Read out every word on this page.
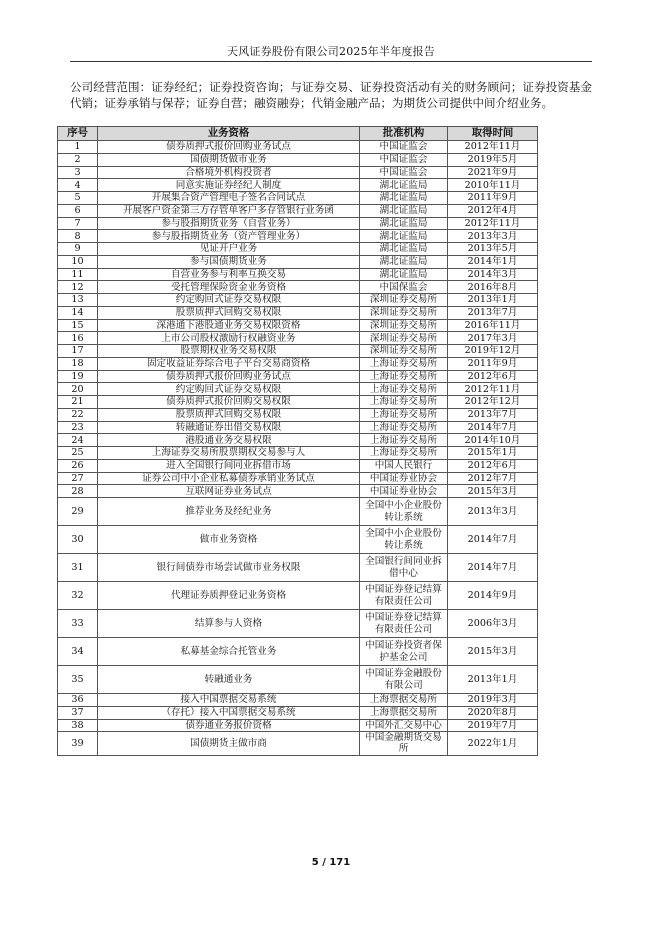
天风证券股份有限公司2025年半年度报告
公司经营范围：证券经纪；证券投资咨询；与证券交易、证券投资活动有关的财务顾问；证券投资基金代销；证券承销与保荐；证券自营；融资融券；代销金融产品；为期货公司提供中间介绍业务。
序号	业务资格	批准机构	取得时间
1	债券质押式报价回购业务试点	中国证监会	2012年11月
2	国债期货做市业务	中国证监会	2019年5月
3	合格境外机构投资者	中国证监会	2021年9月
4	同意实施证券经纪人制度	湖北证监局	2010年11月
5	开展集合资产管理电子签名合同试点	湖北证监局	2011年9月
6	开展客户资金第三方存管单客户多存管银行业务函	湖北证监局	2012年4月
7	参与股指期货业务（自营业务）	湖北证监局	2012年11月
8	参与股指期货业务（资产管理业务）	湖北证监局	2013年3月
9	见证开户业务	湖北证监局	2013年5月
10	参与国债期货业务	湖北证监局	2014年1月
11	自营业务参与利率互换交易	湖北证监局	2014年3月
12	受托管理保险资金业务资格	中国保监会	2016年8月
13	约定购回式证券交易权限	深圳证券交易所	2013年1月
14	股票质押式回购交易权限	深圳证券交易所	2013年7月
15	深港通下港股通业务交易权限资格	深圳证券交易所	2016年11月
16	上市公司股权激励行权融资业务	深圳证券交易所	2017年3月
17	股票期权业务交易权限	深圳证券交易所	2019年12月
18	固定收益证券综合电子平台交易商资格	上海证券交易所	2011年9月
19	债券质押式报价回购业务试点	上海证券交易所	2012年6月
20	约定购回式证券交易权限	上海证券交易所	2012年11月
21	债券质押式报价回购交易权限	上海证券交易所	2012年12月
22	股票质押式回购交易权限	上海证券交易所	2013年7月
23	转融通证券出借交易权限	上海证券交易所	2014年7月
24	港股通业务交易权限	上海证券交易所	2014年10月
25	上海证券交易所股票期权交易参与人	上海证券交易所	2015年1月
26	进入全国银行间同业拆借市场	中国人民银行	2012年6月
27	证券公司中小企业私募债券承销业务试点	中国证券业协会	2012年7月
28	互联网证券业务试点	中国证券业协会	2015年3月
29	推荐业务及经纪业务	全国中小企业股份转让系统	2013年3月
30	做市业务资格	全国中小企业股份转让系统	2014年7月
31	银行间债券市场尝试做市业务权限	全国银行间同业拆借中心	2014年7月
32	代理证券质押登记业务资格	中国证券登记结算有限责任公司	2014年9月
33	结算参与人资格	中国证券登记结算有限责任公司	2006年3月
34	私募基金综合托管业务	中国证券投资者保护基金公司	2015年3月
35	转融通业务	中国证券金融股份有限公司	2013年1月
36	接入中国票据交易系统	上海票据交易所	2019年3月
37	（存托）接入中国票据交易系统	上海票据交易所	2020年8月
38	债券通业务报价资格	中国外汇交易中心	2019年7月
39	国债期货主做市商	中国金融期货交易所	2022年1月
5 / 171
